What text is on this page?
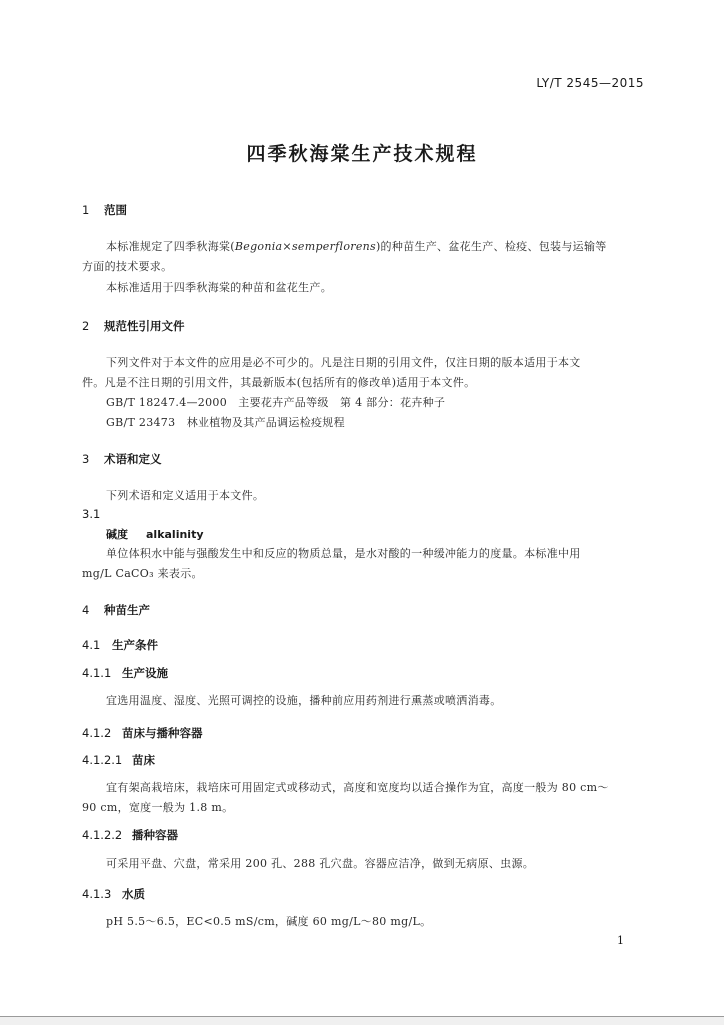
LY/T 2545—2015
四季秋海棠生产技术规程
1 范围
本标准规定了四季秋海棠(Begonia×semperflorens)的种苗生产、盆花生产、检疫、包装与运输等
方面的技术要求。
本标准适用于四季秋海棠的种苗和盆花生产。
2 规范性引用文件
下列文件对于本文件的应用是必不可少的。凡是注日期的引用文件，仅注日期的版本适用于本文
件。凡是不注日期的引用文件，其最新版本(包括所有的修改单)适用于本文件。
GB/T 18247.4—2000　主要花卉产品等级　第 4 部分：花卉种子
GB/T 23473　林业植物及其产品调运检疫规程
3 术语和定义
下列术语和定义适用于本文件。
3.1
碱度 alkalinity
单位体积水中能与强酸发生中和反应的物质总量，是水对酸的一种缓冲能力的度量。本标准中用
mg/L CaCO₃ 来表示。
4 种苗生产
4.1 生产条件
4.1.1 生产设施
宜选用温度、湿度、光照可调控的设施，播种前应用药剂进行熏蒸或喷洒消毒。
4.1.2 苗床与播种容器
4.1.2.1 苗床
宜有架高栽培床，栽培床可用固定式或移动式，高度和宽度均以适合操作为宜，高度一般为 80 cm～
90 cm，宽度一般为 1.8 m。
4.1.2.2 播种容器
可采用平盘、穴盘，常采用 200 孔、288 孔穴盘。容器应洁净，做到无病原、虫源。
4.1.3 水质
pH 5.5～6.5，EC<0.5 mS/cm，碱度 60 mg/L～80 mg/L。
1
